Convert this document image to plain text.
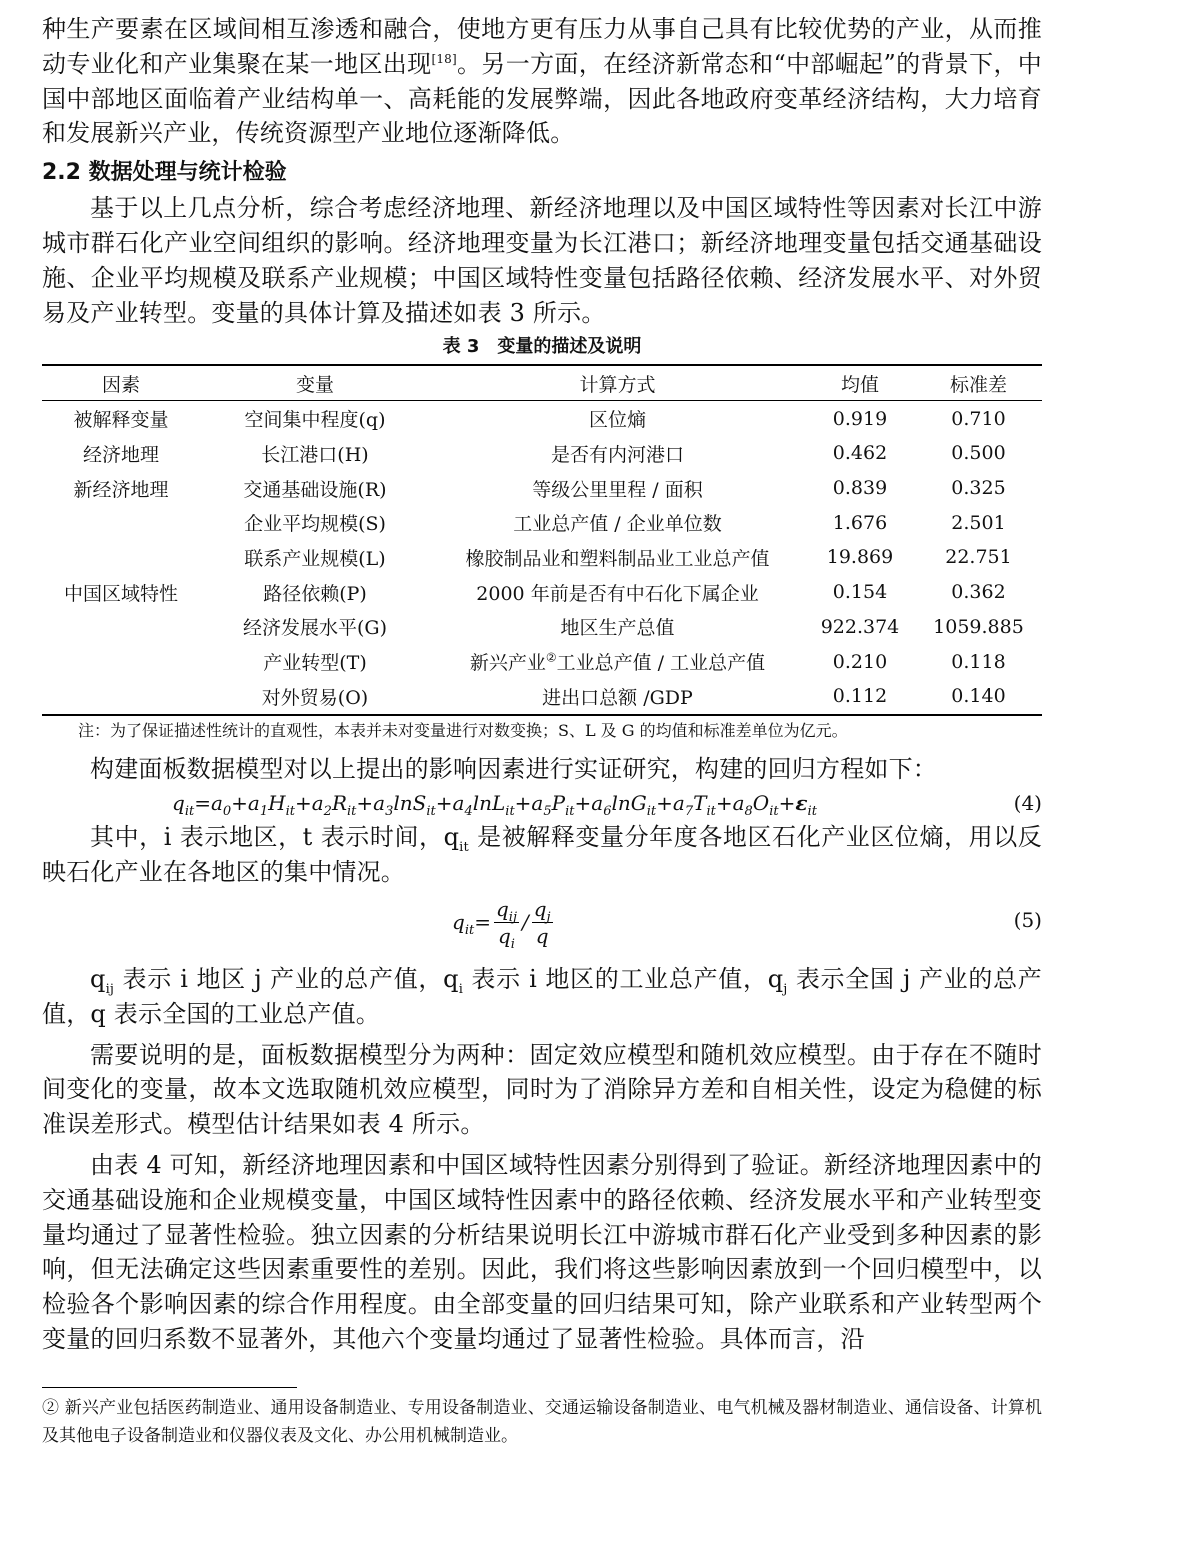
种生产要素在区域间相互渗透和融合，使地方更有压力从事自己具有比较优势的产业，从而推动专业化和产业集聚在某一地区出现[18]。另一方面，在经济新常态和“中部崛起”的背景下，中国中部地区面临着产业结构单一、高耗能的发展弊端，因此各地政府变革经济结构，大力培育和发展新兴产业，传统资源型产业地位逐渐降低。

2.2 数据处理与统计检验

基于以上几点分析，综合考虑经济地理、新经济地理以及中国区域特性等因素对长江中游城市群石化产业空间组织的影响。经济地理变量为长江港口；新经济地理变量包括交通基础设施、企业平均规模及联系产业规模；中国区域特性变量包括路径依赖、经济发展水平、对外贸易及产业转型。变量的具体计算及描述如表 3 所示。

表 3　变量的描述及说明

因素	变量	计算方式	均值	标准差
被解释变量	空间集中程度(q)	区位熵	0.919	0.710
经济地理	长江港口(H)	是否有内河港口	0.462	0.500
新经济地理	交通基础设施(R)	等级公里里程 / 面积	0.839	0.325
	企业平均规模(S)	工业总产值 / 企业单位数	1.676	2.501
	联系产业规模(L)	橡胶制品业和塑料制品业工业总产值	19.869	22.751
中国区域特性	路径依赖(P)	2000 年前是否有中石化下属企业	0.154	0.362
	经济发展水平(G)	地区生产总值	922.374	1059.885
	产业转型(T)	新兴产业②工业总产值 / 工业总产值	0.210	0.118
	对外贸易(O)	进出口总额 /GDP	0.112	0.140

注：为了保证描述性统计的直观性，本表并未对变量进行对数变换；S、L 及 G 的均值和标准差单位为亿元。

构建面板数据模型对以上提出的影响因素进行实证研究，构建的回归方程如下：

$q_{it}=a_0+a_1H_{it}+a_2R_{it}+a_3\ln S_{it}+a_4\ln L_{it}+a_5P_{it}+a_6\ln G_{it}+a_7T_{it}+a_8O_{it}+\varepsilon_{it}$	(4)

其中，i 表示地区，t 表示时间，$q_{it}$ 是被解释变量分年度各地区石化产业区位熵，用以反映石化产业在各地区的集中情况。

$q_{it}= \frac{q_{ij}}{q_i} / \frac{q_j}{q}$	(5)

$q_{ij}$ 表示 i 地区 j 产业的总产值，$q_i$ 表示 i 地区的工业总产值，$q_j$ 表示全国 j 产业的总产值，q 表示全国的工业总产值。

需要说明的是，面板数据模型分为两种：固定效应模型和随机效应模型。由于存在不随时间变化的变量，故本文选取随机效应模型，同时为了消除异方差和自相关性，设定为稳健的标准误差形式。模型估计结果如表 4 所示。

由表 4 可知，新经济地理因素和中国区域特性因素分别得到了验证。新经济地理因素中的交通基础设施和企业规模变量，中国区域特性因素中的路径依赖、经济发展水平和产业转型变量均通过了显著性检验。独立因素的分析结果说明长江中游城市群石化产业受到多种因素的影响，但无法确定这些因素重要性的差别。因此，我们将这些影响因素放到一个回归模型中，以检验各个影响因素的综合作用程度。由全部变量的回归结果可知，除产业联系和产业转型两个变量的回归系数不显著外，其他六个变量均通过了显著性检验。具体而言，沿

② 新兴产业包括医药制造业、通用设备制造业、专用设备制造业、交通运输设备制造业、电气机械及器材制造业、通信设备、计算机及其他电子设备制造业和仪器仪表及文化、办公用机械制造业。
